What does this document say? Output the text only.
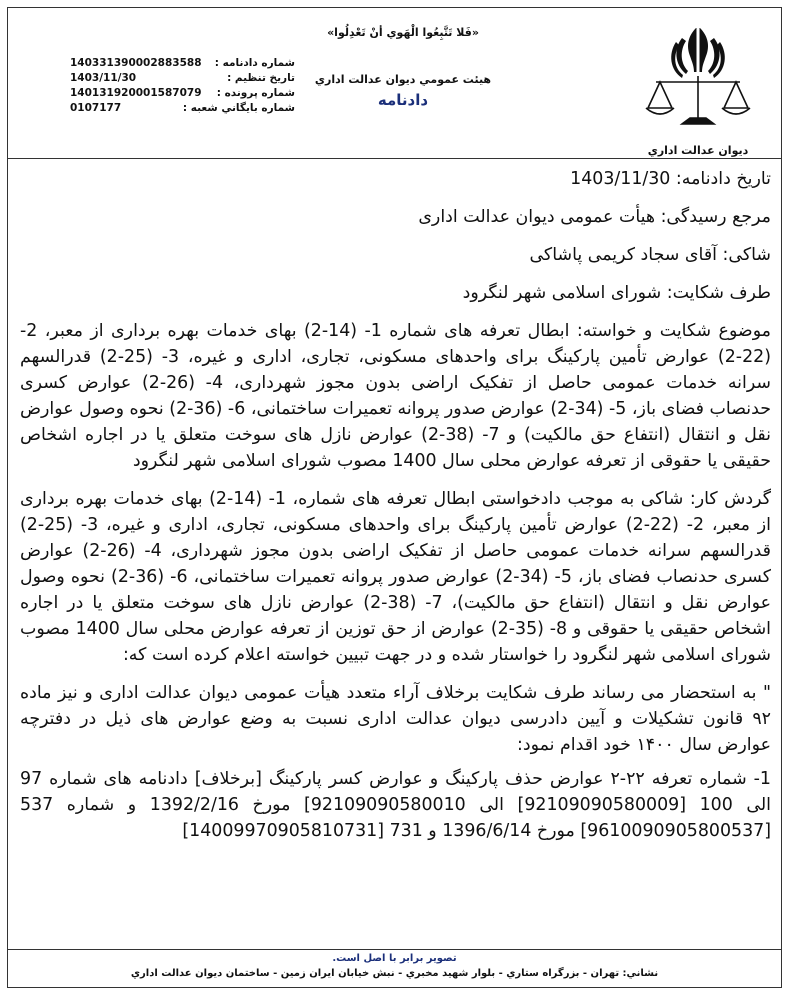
ديوان عدالت اداري
«فَلا تَتَّبِعُوا الْهَوي أنْ تَعْدِلُوا»
هيئت عمومي ديوان عدالت اداري
دادنامه
شماره دادنامه :
140331390002883588
تاريخ تنظيم :
1403/11/30
شماره پرونده :
140131920001587079
شماره بايگاني شعبه :
0107177

تاریخ دادنامه: 1403/11/30

مرجع رسیدگی: هیأت عمومی دیوان عدالت اداری

شاکی: آقای سجاد کریمی پاشاکی

طرف شکایت: شورای اسلامی شهر لنگرود

موضوع شکایت و خواسته: ابطال تعرفه های شماره 1- (14-2) بهای خدمات بهره برداری از معبر، 2- (22-2) عوارض تأمین پارکینگ برای واحدهای مسکونی، تجاری، اداری و غیره، 3- (25-2) قدرالسهم سرانه خدمات عمومی حاصل از تفکیک اراضی بدون مجوز شهرداری، 4- (26-2) عوارض کسری حدنصاب فضای باز، 5- (34-2) عوارض صدور پروانه تعمیرات ساختمانی، 6- (36-2) نحوه وصول عوارض نقل و انتقال (انتفاع حق مالکیت) و 7- (38-2) عوارض نازل های سوخت متعلق یا در اجاره اشخاص حقیقی یا حقوقی از تعرفه عوارض محلی سال 1400 مصوب شورای اسلامی شهر لنگرود

گردش کار: شاکی به موجب دادخواستی ابطال تعرفه های شماره، 1- (14-2) بهای خدمات بهره برداری از معبر، 2- (22-2) عوارض تأمین پارکینگ برای واحدهای مسکونی، تجاری، اداری و غیره، 3- (25-2) قدرالسهم سرانه خدمات عمومی حاصل از تفکیک اراضی بدون مجوز شهرداری، 4- (26-2) عوارض کسری حدنصاب فضای باز، 5- (34-2) عوارض صدور پروانه تعمیرات ساختمانی، 6- (36-2) نحوه وصول عوارض نقل و انتقال (انتفاع حق مالکیت)، 7- (38-2) عوارض نازل های سوخت متعلق یا در اجاره اشخاص حقیقی یا حقوقی و 8- (35-2) عوارض از حق توزین از تعرفه عوارض محلی سال 1400 مصوب شورای اسلامی شهر لنگرود را خواستار شده و در جهت تبیین خواسته اعلام کرده است که:

" به استحضار می رساند طرف شکایت برخلاف آراء متعدد هیأت عمومی دیوان عدالت اداری و نیز ماده ۹۲ قانون تشکیلات و آیین دادرسی دیوان عدالت اداری نسبت به وضع عوارض های ذیل در دفترچه عوارض سال ۱۴۰۰ خود اقدام نمود:

1- شماره تعرفه ۲۲-۲ عوارض حذف پارکینگ و عوارض کسر پارکینگ [برخلاف] دادنامه های شماره 97 الی 100 [92109090580009] الی 92109090580010] مورخ 1392/2/16 و شماره 537 [9610090905800537] مورخ 1396/6/14 و 731 [14009970905810731]

تصوير برابر با اصل است.
نشاني: تهران - بزرگراه ستاري - بلوار شهيد مخبري - نبش خيابان ايران زمين - ساختمان ديوان عدالت اداري
